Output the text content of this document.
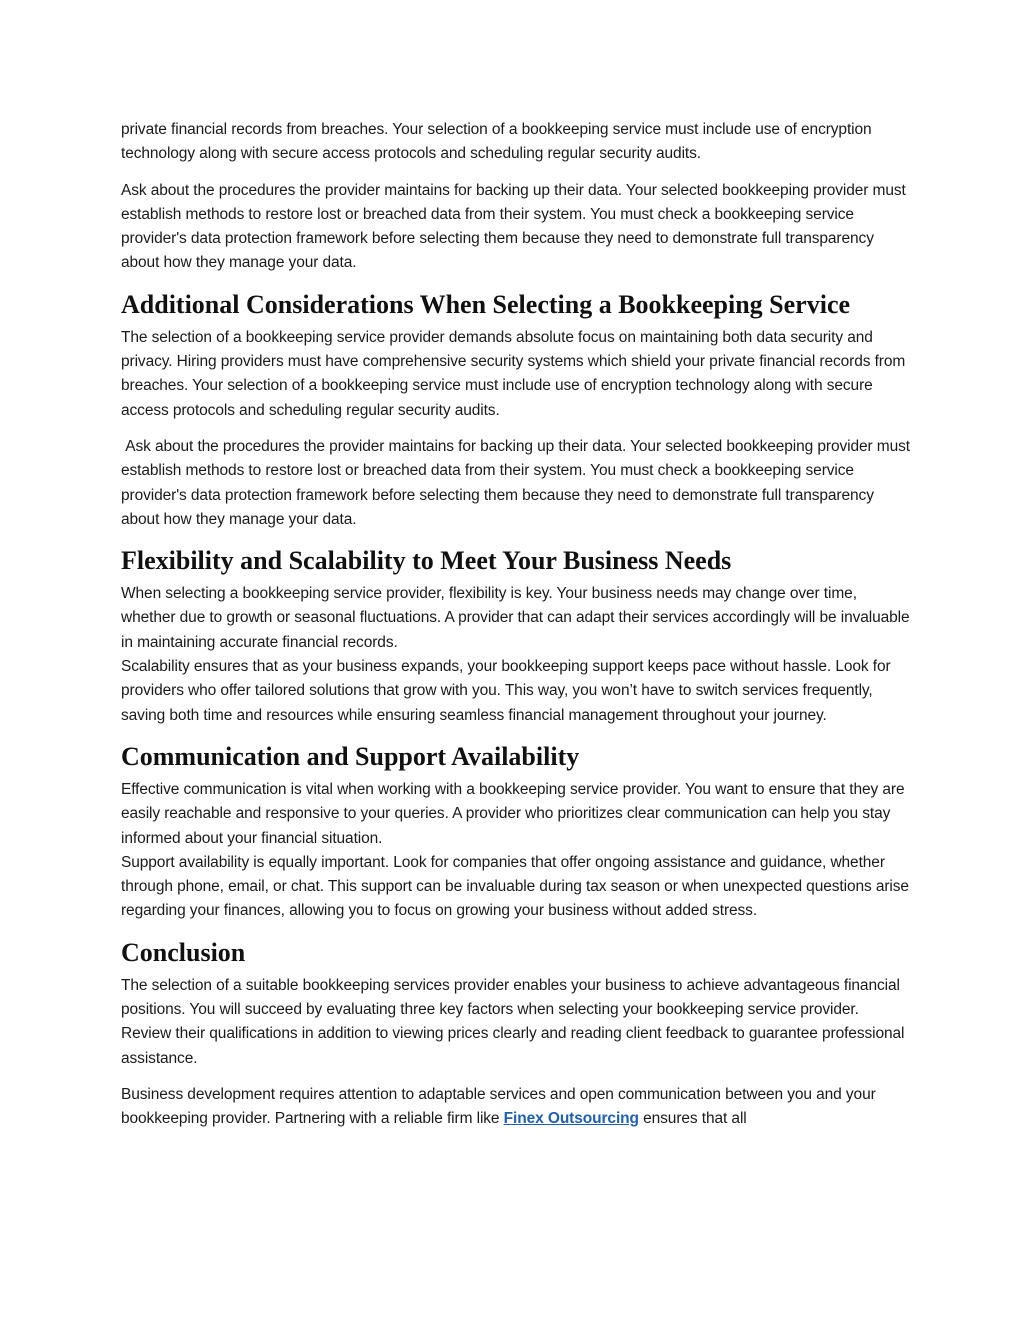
private financial records from breaches. Your selection of a bookkeeping service must include use of encryption technology along with secure access protocols and scheduling regular security audits.

Ask about the procedures the provider maintains for backing up their data. Your selected bookkeeping provider must establish methods to restore lost or breached data from their system. You must check a bookkeeping service provider's data protection framework before selecting them because they need to demonstrate full transparency about how they manage your data.

Additional Considerations When Selecting a Bookkeeping Service

The selection of a bookkeeping service provider demands absolute focus on maintaining both data security and privacy. Hiring providers must have comprehensive security systems which shield your private financial records from breaches. Your selection of a bookkeeping service must include use of encryption technology along with secure access protocols and scheduling regular security audits.

Ask about the procedures the provider maintains for backing up their data. Your selected bookkeeping provider must establish methods to restore lost or breached data from their system. You must check a bookkeeping service provider's data protection framework before selecting them because they need to demonstrate full transparency about how they manage your data.

Flexibility and Scalability to Meet Your Business Needs

When selecting a bookkeeping service provider, flexibility is key. Your business needs may change over time, whether due to growth or seasonal fluctuations. A provider that can adapt their services accordingly will be invaluable in maintaining accurate financial records.

Scalability ensures that as your business expands, your bookkeeping support keeps pace without hassle. Look for providers who offer tailored solutions that grow with you. This way, you won’t have to switch services frequently, saving both time and resources while ensuring seamless financial management throughout your journey.

Communication and Support Availability

Effective communication is vital when working with a bookkeeping service provider. You want to ensure that they are easily reachable and responsive to your queries. A provider who prioritizes clear communication can help you stay informed about your financial situation.

Support availability is equally important. Look for companies that offer ongoing assistance and guidance, whether through phone, email, or chat. This support can be invaluable during tax season or when unexpected questions arise regarding your finances, allowing you to focus on growing your business without added stress.

Conclusion

The selection of a suitable bookkeeping services provider enables your business to achieve advantageous financial positions. You will succeed by evaluating three key factors when selecting your bookkeeping service provider. Review their qualifications in addition to viewing prices clearly and reading client feedback to guarantee professional assistance.

Business development requires attention to adaptable services and open communication between you and your bookkeeping provider. Partnering with a reliable firm like Finex Outsourcing ensures that all
